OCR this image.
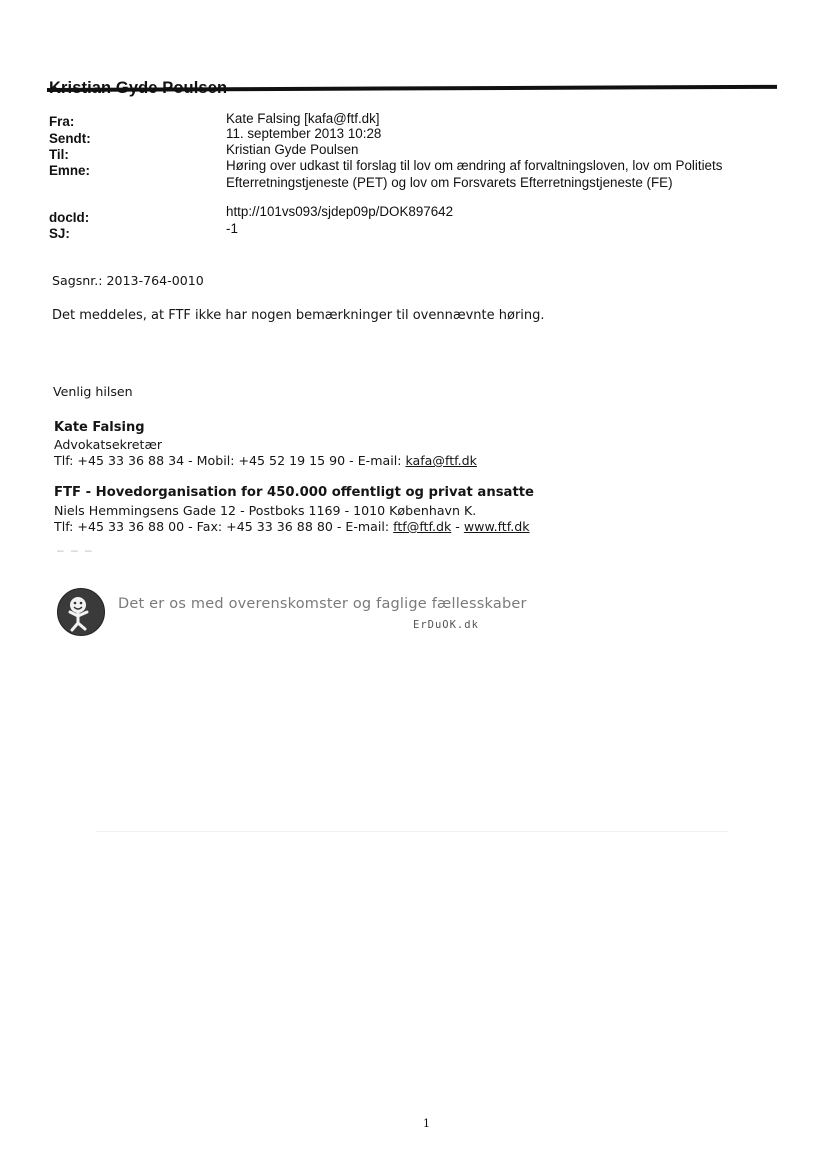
Fra:	Kate Falsing [kafa@ftf.dk]
Sendt:	11. september 2013 10:28
Til:	Kristian Gyde Poulsen
Emne:	Høring over udkast til forslag til lov om ændring af forvaltningsloven, lov om Politiets Efterretningstjeneste (PET) og lov om Forsvarets Efterretningstjeneste (FE)
docId:	http://101vs093/sjdep09p/DOK897642
SJ:	-1
Sagsnr.: 2013-764-0010
Det meddeles, at FTF ikke har nogen bemærkninger til ovennævnte høring.
Venlig hilsen
Kate Falsing
Advokatsekretær
Tlf: +45 33 36 88 34 - Mobil: +45 52 19 15 90 - E-mail: kafa@ftf.dk
FTF - Hovedorganisation for 450.000 offentligt og privat ansatte
Niels Hemmingsens Gade 12 - Postboks 1169 - 1010 København K.
Tlf: +45 33 36 88 00 - Fax: +45 33 36 88 80 - E-mail: ftf@ftf.dk - www.ftf.dk
– – –
Det er os med overenskomster og faglige fællesskaber
ErDuOK.dk
1
